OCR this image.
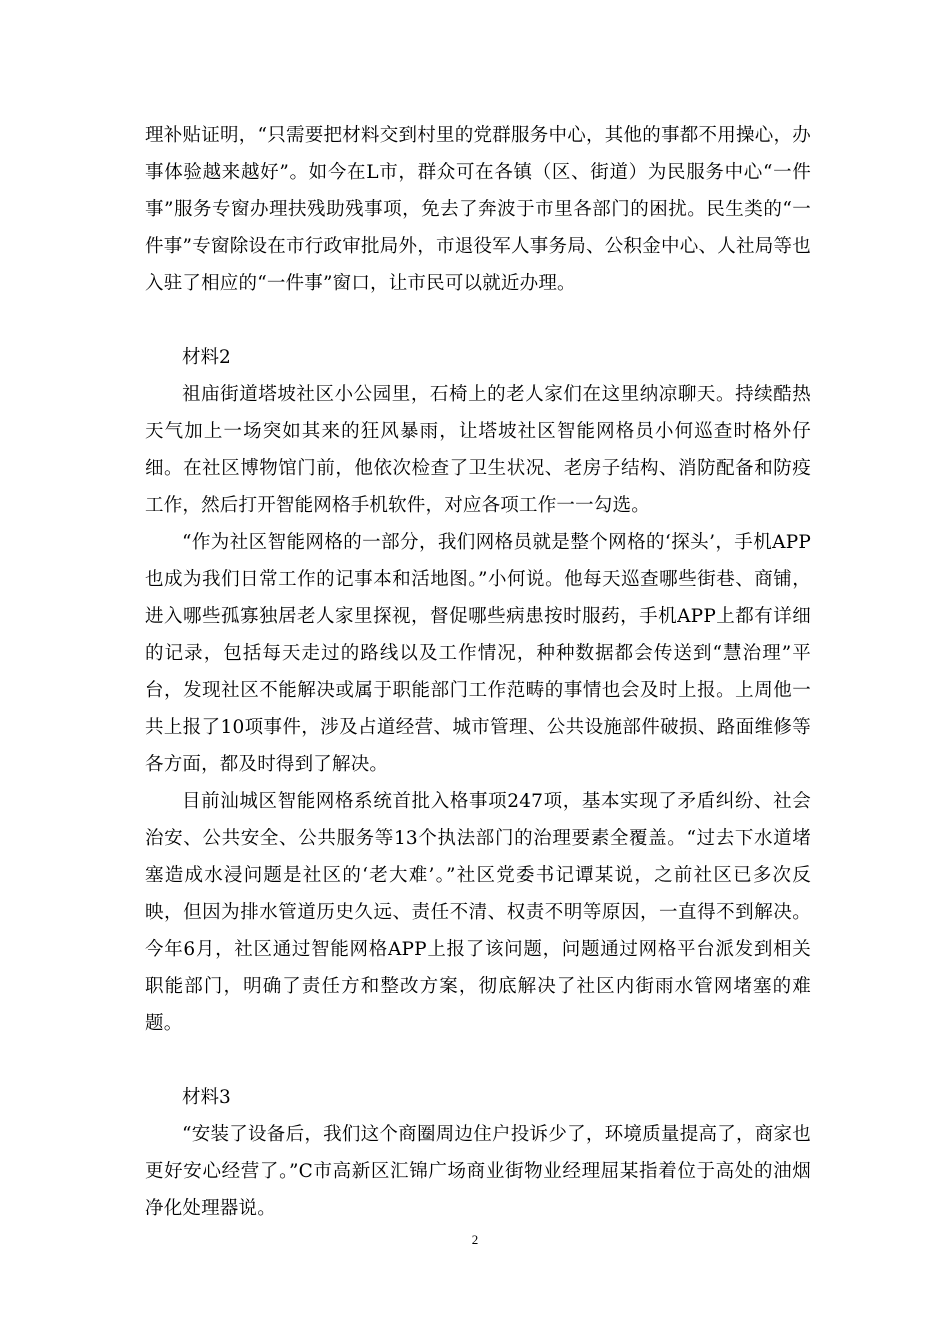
理补贴证明，“只需要把材料交到村里的党群服务中心，其他的事都不用操心，办事体验越来越好”。如今在L市，群众可在各镇（区、街道）为民服务中心“一件事”服务专窗办理扶残助残事项，免去了奔波于市里各部门的困扰。民生类的“一件事”专窗除设在市行政审批局外，市退役军人事务局、公积金中心、人社局等也入驻了相应的“一件事”窗口，让市民可以就近办理。

材料2

祖庙街道塔坡社区小公园里，石椅上的老人家们在这里纳凉聊天。持续酷热天气加上一场突如其来的狂风暴雨，让塔坡社区智能网格员小何巡查时格外仔细。在社区博物馆门前，他依次检查了卫生状况、老房子结构、消防配备和防疫工作，然后打开智能网格手机软件，对应各项工作一一勾选。

“作为社区智能网格的一部分，我们网格员就是整个网格的‘探头’，手机APP也成为我们日常工作的记事本和活地图。”小何说。他每天巡查哪些街巷、商铺，进入哪些孤寡独居老人家里探视，督促哪些病患按时服药，手机APP上都有详细的记录，包括每天走过的路线以及工作情况，种种数据都会传送到“慧治理”平台，发现社区不能解决或属于职能部门工作范畴的事情也会及时上报。上周他一共上报了10项事件，涉及占道经营、城市管理、公共设施部件破损、路面维修等各方面，都及时得到了解决。

目前汕城区智能网格系统首批入格事项247项，基本实现了矛盾纠纷、社会治安、公共安全、公共服务等13个执法部门的治理要素全覆盖。“过去下水道堵塞造成水浸问题是社区的‘老大难’。”社区党委书记谭某说，之前社区已多次反映，但因为排水管道历史久远、责任不清、权责不明等原因，一直得不到解决。今年6月，社区通过智能网格APP上报了该问题，问题通过网格平台派发到相关职能部门，明确了责任方和整改方案，彻底解决了社区内街雨水管网堵塞的难题。

材料3

“安装了设备后，我们这个商圈周边住户投诉少了，环境质量提高了，商家也更好安心经营了。”C市高新区汇锦广场商业街物业经理屈某指着位于高处的油烟净化处理器说。

2
